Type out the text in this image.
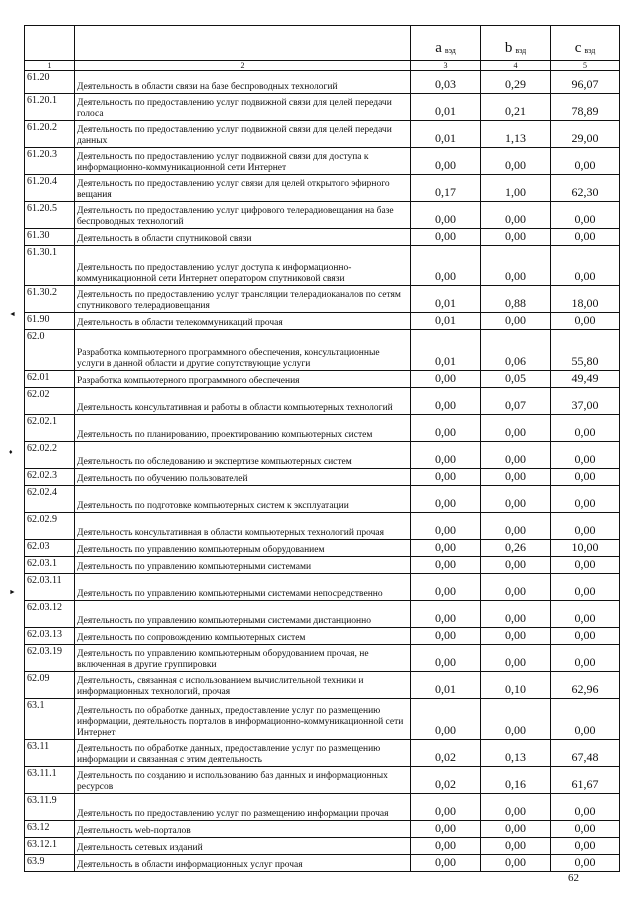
		a $_{вэд}$	b $_{вэд}$	c $_{вэд}$
1	2	3	4	5
61.20	Деятельность в области связи на базе беспроводных технологий	0,03	0,29	96,07
61.20.1	Деятельность по предоставлению услуг подвижной связи для целей передачи голоса	0,01	0,21	78,89
61.20.2	Деятельность по предоставлению услуг подвижной связи для целей передачи данных	0,01	1,13	29,00
61.20.3	Деятельность по предоставлению услуг подвижной связи для доступа к информационно-коммуникационной сети Интернет	0,00	0,00	0,00
61.20.4	Деятельность по предоставлению услуг связи для целей открытого эфирного вещания	0,17	1,00	62,30
61.20.5	Деятельность по предоставлению услуг цифрового телерадиовещания на базе беспроводных технологий	0,00	0,00	0,00
61.30	Деятельность в области спутниковой связи	0,00	0,00	0,00
61.30.1	Деятельность по предоставлению услуг доступа к информационно-коммуникационной сети Интернет оператором спутниковой связи	0,00	0,00	0,00
61.30.2	Деятельность по предоставлению услуг трансляции телерадиоканалов по сетям спутникового телерадиовещания	0,01	0,88	18,00
61.90	Деятельность в области телекоммуникаций прочая	0,01	0,00	0,00
62.0	Разработка компьютерного программного обеспечения, консультационные услуги в данной области и другие сопутствующие услуги	0,01	0,06	55,80
62.01	Разработка компьютерного программного обеспечения	0,00	0,05	49,49
62.02	Деятельность консультативная и работы в области компьютерных технологий	0,00	0,07	37,00
62.02.1	Деятельность по планированию, проектированию компьютерных систем	0,00	0,00	0,00
62.02.2	Деятельность по обследованию и экспертизе компьютерных систем	0,00	0,00	0,00
62.02.3	Деятельность по обучению пользователей	0,00	0,00	0,00
62.02.4	Деятельность по подготовке компьютерных систем к эксплуатации	0,00	0,00	0,00
62.02.9	Деятельность консультативная в области компьютерных технологий прочая	0,00	0,00	0,00
62.03	Деятельность по управлению компьютерным оборудованием	0,00	0,26	10,00
62.03.1	Деятельность по управлению компьютерными системами	0,00	0,00	0,00
62.03.11	Деятельность по управлению компьютерными системами непосредственно	0,00	0,00	0,00
62.03.12	Деятельность по управлению компьютерными системами дистанционно	0,00	0,00	0,00
62.03.13	Деятельность по сопровождению компьютерных систем	0,00	0,00	0,00
62.03.19	Деятельность по управлению компьютерным оборудованием прочая, не включенная в другие группировки	0,00	0,00	0,00
62.09	Деятельность, связанная с использованием вычислительной техники и информационных технологий, прочая	0,01	0,10	62,96
63.1	Деятельность по обработке данных, предоставление услуг по размещению информации, деятельность порталов в информационно-коммуникационной сети Интернет	0,00	0,00	0,00
63.11	Деятельность по обработке данных, предоставление услуг по размещению информации и связанная с этим деятельность	0,02	0,13	67,48
63.11.1	Деятельность по созданию и использованию баз данных и информационных ресурсов	0,02	0,16	61,67
63.11.9	Деятельность по предоставлению услуг по размещению информации прочая	0,00	0,00	0,00
63.12	Деятельность web-порталов	0,00	0,00	0,00
63.12.1	Деятельность сетевых изданий	0,00	0,00	0,00
63.9	Деятельность в области информационных услуг прочая	0,00	0,00	0,00
◄
♦
►
62
